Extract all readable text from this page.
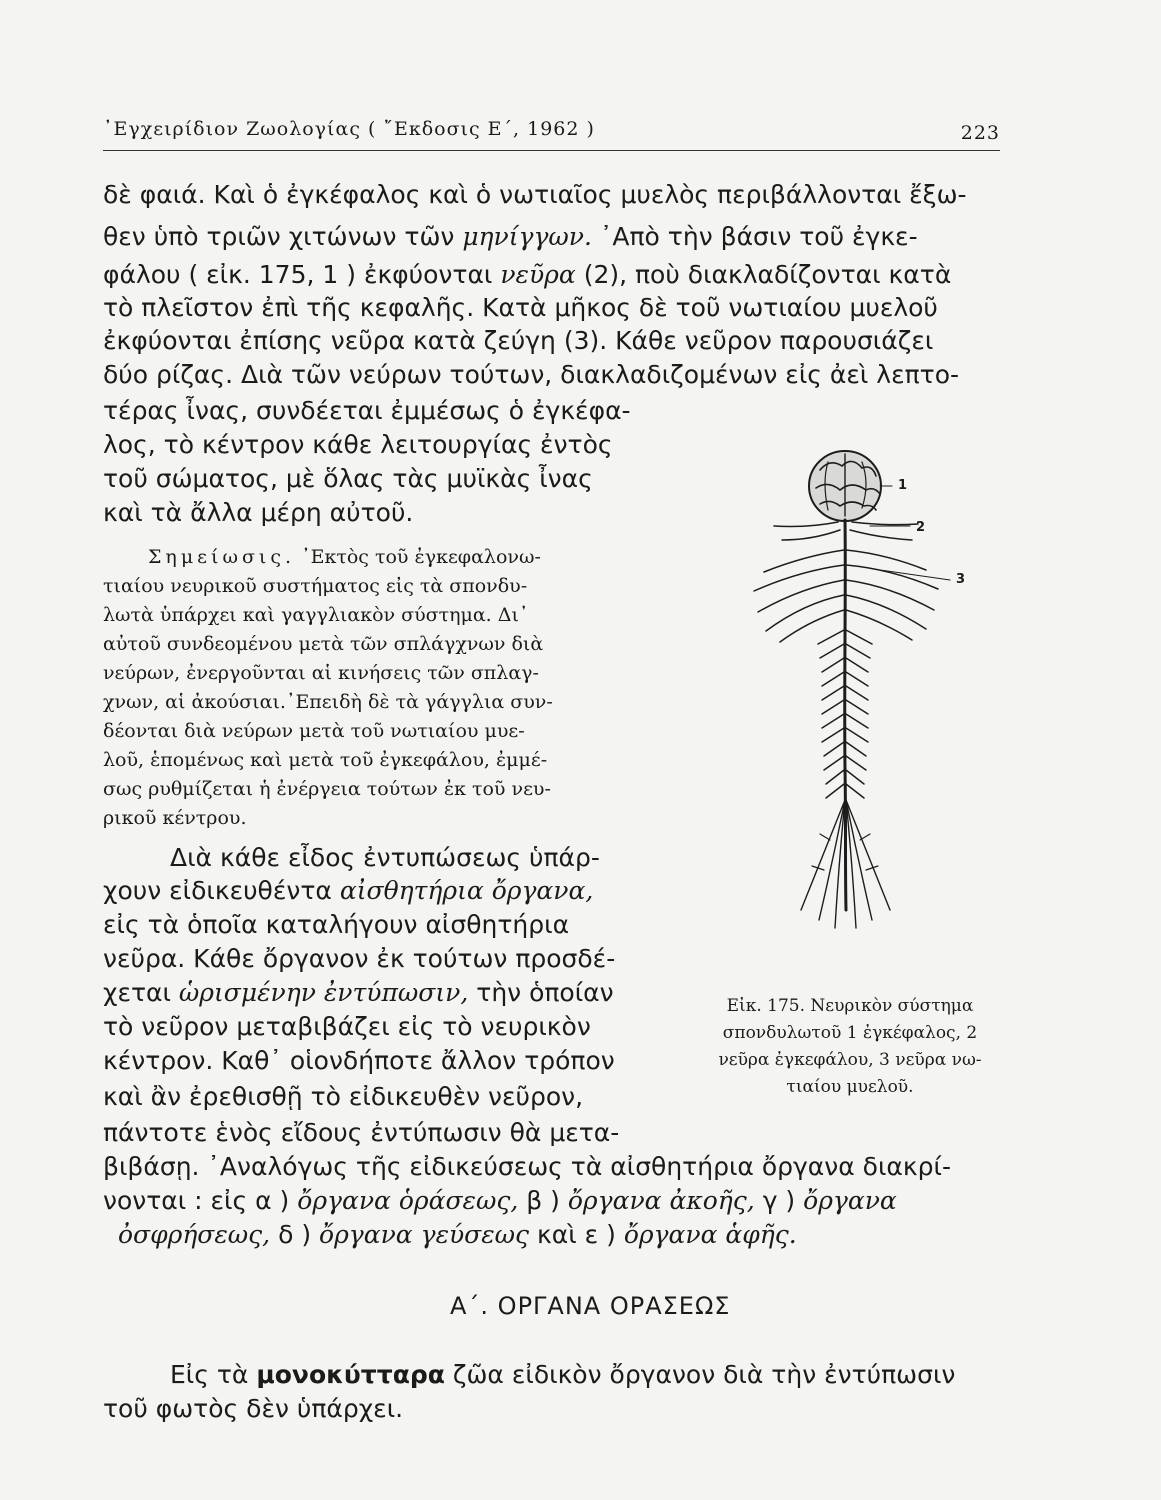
᾿Εγχειρίδιον Ζωολογίας ( ῎Εκδοσις Ε΄, 1962 )	223
δὲ φαιά. Καὶ ὁ ἐγκέφαλος καὶ ὁ νωτιαῖος μυελὸς περιβάλλονται ἔξω-
θεν ὑπὸ τριῶν χιτώνων τῶν μηνίγγων. ᾿Απὸ τὴν βάσιν τοῦ ἐγκε-
φάλου ( εἰκ. 175, 1 ) ἐκφύονται νεῦρα (2), ποὺ διακλαδίζονται κατὰ
τὸ πλεῖστον ἐπὶ τῆς κεφαλῆς. Κατὰ μῆκος δὲ τοῦ νωτιαίου μυελοῦ
ἐκφύονται ἐπίσης νεῦρα κατὰ ζεύγη (3). Κάθε νεῦρον παρουσιάζει
δύο ρίζας. Διὰ τῶν νεύρων τούτων, διακλαδιζομένων εἰς ἀεὶ λεπτο-
τέρας ἶνας, συνδέεται ἐμμέσως ὁ ἐγκέφα-
λος, τὸ κέντρον κάθε λειτουργίας ἐντὸς
τοῦ σώματος, μὲ ὅλας τὰς μυϊκὰς ἶνας
καὶ τὰ ἄλλα μέρη αὐτοῦ.
Σημείωσις. ᾿Εκτὸς τοῦ ἐγκεφαλονω-
τιαίου νευρικοῦ συστήματος εἰς τὰ σπονδυ-
λωτὰ ὑπάρχει καὶ γαγγλιακὸν σύστημα. Δι᾿
αὐτοῦ συνδεομένου μετὰ τῶν σπλάγχνων διὰ
νεύρων, ἐνεργοῦνται αἱ κινήσεις τῶν σπλαγ-
χνων, αἱ ἀκούσιαι.᾿Επειδὴ δὲ τὰ γάγγλια συν-
δέονται διὰ νεύρων μετὰ τοῦ νωτιαίου μυε-
λοῦ, ἑπομένως καὶ μετὰ τοῦ ἐγκεφάλου, ἐμμέ-
σως ρυθμίζεται ἡ ἐνέργεια τούτων ἐκ τοῦ νευ-
ρικοῦ κέντρου.
Διὰ κάθε εἶδος ἐντυπώσεως ὑπάρ-
χουν εἰδικευθέντα αἰσθητήρια ὄργανα,
εἰς τὰ ὁποῖα καταλήγουν αἰσθητήρια
νεῦρα. Κάθε ὄργανον ἐκ τούτων προσδέ-
χεται ὡρισμένην ἐντύπωσιν, τὴν ὁποίαν
τὸ νεῦρον μεταβιβάζει εἰς τὸ νευρικὸν
κέντρον. Καθ᾿ οἱονδήποτε ἄλλον τρόπον
καὶ ἂν ἐρεθισθῇ τὸ εἰδικευθὲν νεῦρον,
πάντοτε ἑνὸς εἴδους ἐντύπωσιν θὰ μετα-
βιβάσῃ. ᾿Αναλόγως τῆς εἰδικεύσεως τὰ αἰσθητήρια ὄργανα διακρί-
νονται : εἰς α ) ὄργανα ὁράσεως, β ) ὄργανα ἀκοῆς, γ ) ὄργανα
ὀσφρήσεως, δ ) ὄργανα γεύσεως καὶ ε ) ὄργανα ἁφῆς.
1
2
3
Εἰκ. 175. Νευρικὸν σύστημα
σπονδυλωτοῦ 1 ἐγκέφαλος, 2
νεῦρα ἐγκεφάλου, 3 νεῦρα νω-
τιαίου μυελοῦ.
Α΄. ΟΡΓΑΝΑ ΟΡΑΣΕΩΣ
Εἰς τὰ μονοκύτταρα ζῶα εἰδικὸν ὄργανον διὰ τὴν ἐντύπωσιν
τοῦ φωτὸς δὲν ὑπάρχει.
